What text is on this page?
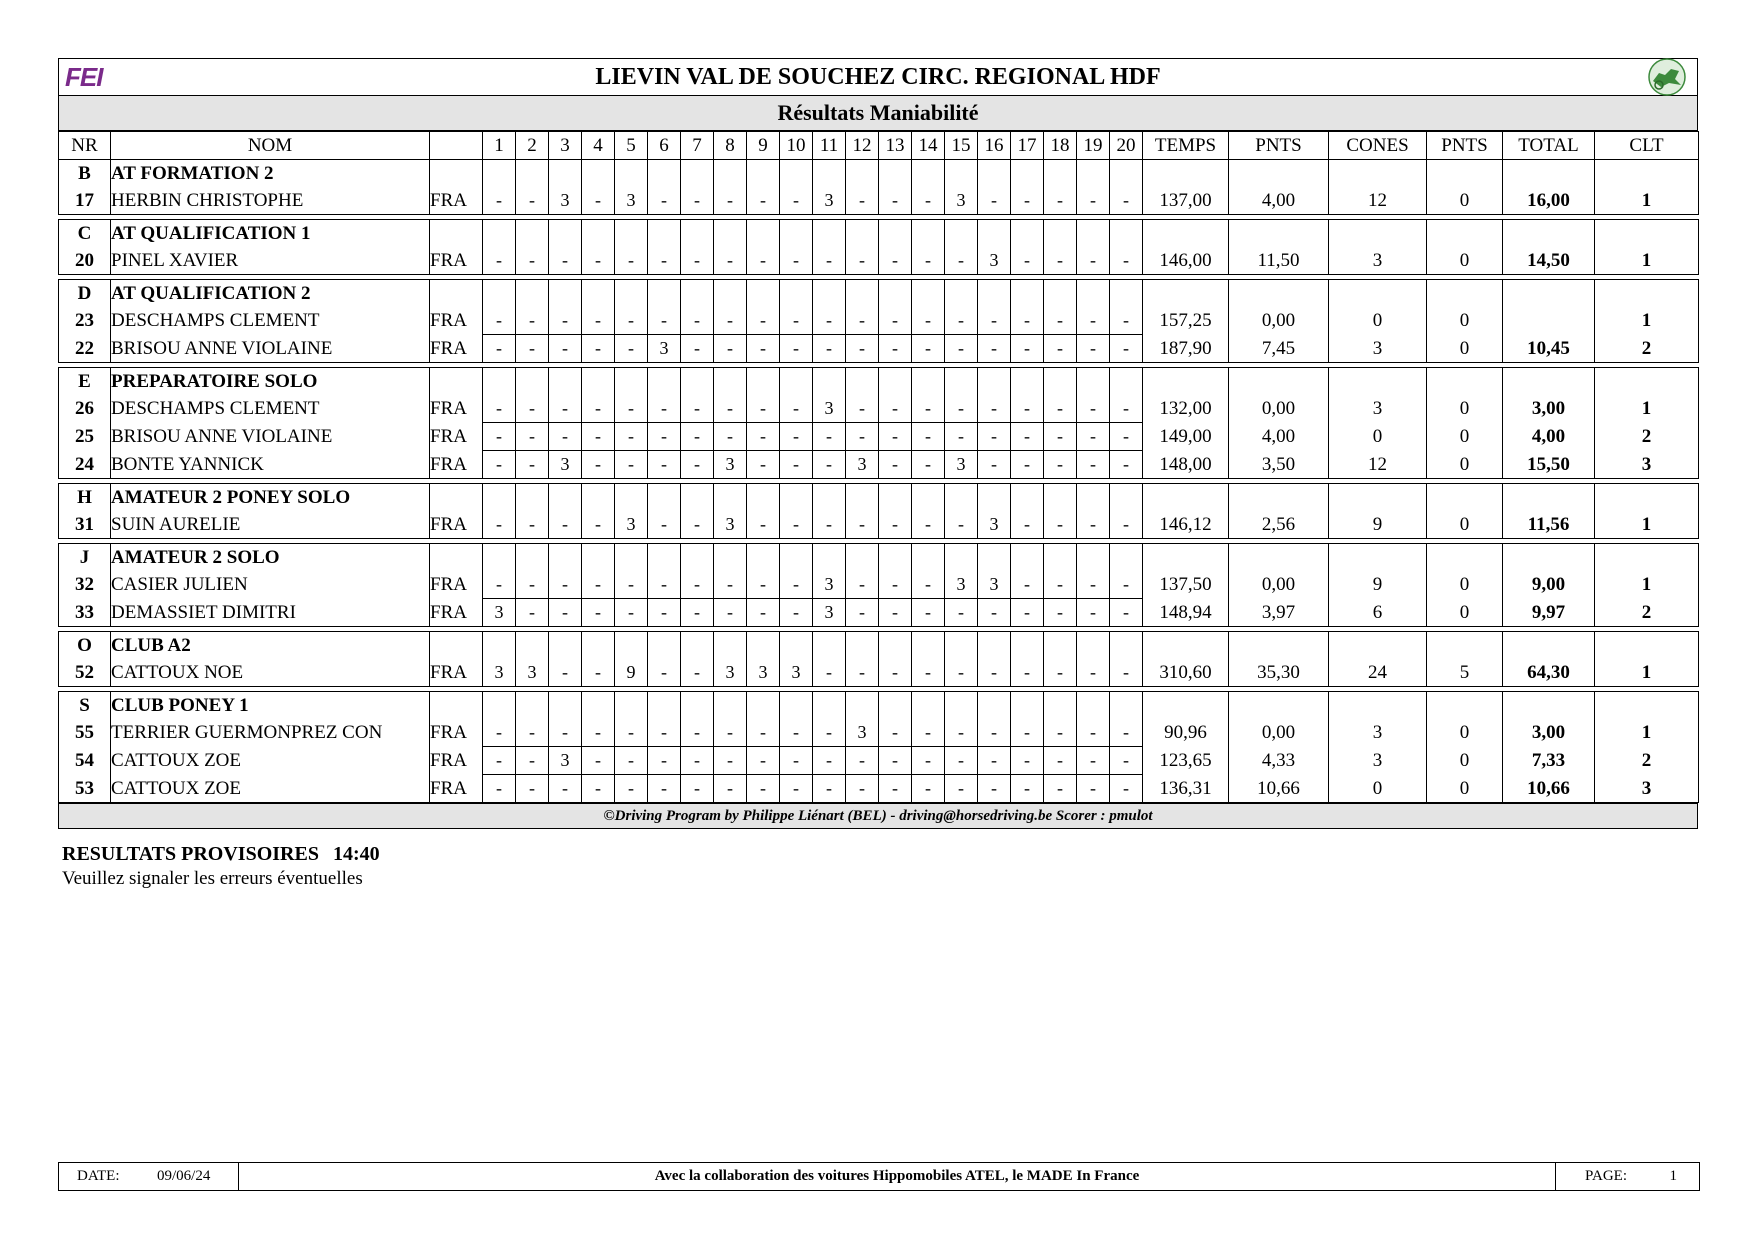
FEI	LIEVIN VAL DE SOUCHEZ CIRC. REGIONAL HDF
Résultats Maniabilité
NR	NOM		1	2	3	4	5	6	7	8	9	10	11	12	13	14	15	16	17	18	19	20	TEMPS	PNTS	CONES	PNTS	TOTAL	CLT
B	AT FORMATION 2																											
17	HERBIN CHRISTOPHE	FRA	-	-	3	-	3	-	-	-	-	-	3	-	-	-	3	-	-	-	-	-	137,00	4,00	12	0	16,00	1

C	AT QUALIFICATION 1																											
20	PINEL XAVIER	FRA	-	-	-	-	-	-	-	-	-	-	-	-	-	-	-	3	-	-	-	-	146,00	11,50	3	0	14,50	1

D	AT QUALIFICATION 2																											
23	DESCHAMPS CLEMENT	FRA	-	-	-	-	-	-	-	-	-	-	-	-	-	-	-	-	-	-	-	-	157,25	0,00	0	0		1
22	BRISOU ANNE VIOLAINE	FRA	-	-	-	-	-	3	-	-	-	-	-	-	-	-	-	-	-	-	-	-	187,90	7,45	3	0	10,45	2

E	PREPARATOIRE SOLO																											
26	DESCHAMPS CLEMENT	FRA	-	-	-	-	-	-	-	-	-	-	3	-	-	-	-	-	-	-	-	-	132,00	0,00	3	0	3,00	1
25	BRISOU ANNE VIOLAINE	FRA	-	-	-	-	-	-	-	-	-	-	-	-	-	-	-	-	-	-	-	-	149,00	4,00	0	0	4,00	2
24	BONTE YANNICK	FRA	-	-	3	-	-	-	-	3	-	-	-	3	-	-	3	-	-	-	-	-	148,00	3,50	12	0	15,50	3

H	AMATEUR 2 PONEY SOLO																											
31	SUIN AURELIE	FRA	-	-	-	-	3	-	-	3	-	-	-	-	-	-	-	3	-	-	-	-	146,12	2,56	9	0	11,56	1

J	AMATEUR 2 SOLO																											
32	CASIER JULIEN	FRA	-	-	-	-	-	-	-	-	-	-	3	-	-	-	3	3	-	-	-	-	137,50	0,00	9	0	9,00	1
33	DEMASSIET DIMITRI	FRA	3	-	-	-	-	-	-	-	-	-	3	-	-	-	-	-	-	-	-	-	148,94	3,97	6	0	9,97	2

O	CLUB A2																											
52	CATTOUX NOE	FRA	3	3	-	-	9	-	-	3	3	3	-	-	-	-	-	-	-	-	-	-	310,60	35,30	24	5	64,30	1

S	CLUB PONEY 1																											
55	TERRIER GUERMONPREZ CON	FRA	-	-	-	-	-	-	-	-	-	-	-	3	-	-	-	-	-	-	-	-	90,96	0,00	3	0	3,00	1
54	CATTOUX ZOE	FRA	-	-	3	-	-	-	-	-	-	-	-	-	-	-	-	-	-	-	-	-	123,65	4,33	3	0	7,33	2
53	CATTOUX ZOE	FRA	-	-	-	-	-	-	-	-	-	-	-	-	-	-	-	-	-	-	-	-	136,31	10,66	0	0	10,66	3
©Driving Program by Philippe Liénart (BEL) - driving@horsedriving.be Scorer : pmulot
RESULTATS PROVISOIRES 14:40
Veuillez signaler les erreurs éventuelles
DATE:	09/06/24	Avec la collaboration des voitures Hippomobiles ATEL, le MADE In France	PAGE:	1
